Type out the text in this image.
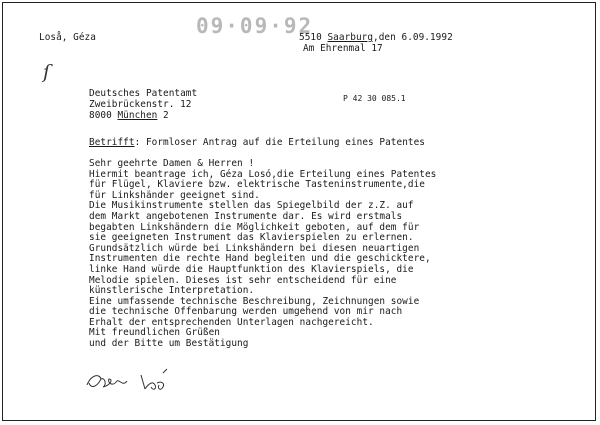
Loså, Géza	09·09·92
5510 Saarburg,den 6.09.1992
Am Ehrenmal 17
ſ
Deutsches Patentamt
Zweibrückenstr. 12
8000 München 2
P 42 30 085.1
Betrifft: Formloser Antrag auf die Erteilung eines Patentes
Sehr geehrte Damen & Herren !
Hiermit beantrage ich, Géza Losó,die Erteilung eines Patentes
für Flügel, Klaviere bzw. elektrische Tasteninstrumente,die
für Linkshänder geeignet sind.
Die Musikinstrumente stellen das Spiegelbild der z.Z. auf
dem Markt angebotenen Instrumente dar. Es wird erstmals
begabten Linkshändern die Möglichkeit geboten, auf dem für
sie geeigneten Instrument das Klavierspielen zu erlernen.
Grundsätzlich würde bei Linkshändern bei diesen neuartigen
Instrumenten die rechte Hand begleiten und die geschicktere,
linke Hand würde die Hauptfunktion des Klavierspiels, die
Melodie spielen. Dieses ist sehr entscheidend für eine
künstlerische Interpretation.
Eine umfassende technische Beschreibung, Zeichnungen sowie
die technische Offenbarung werden umgehend von mir nach
Erhalt der entsprechenden Unterlagen nachgereicht.
Mit freundlichen Grüßen
und der Bitte um Bestätigung
